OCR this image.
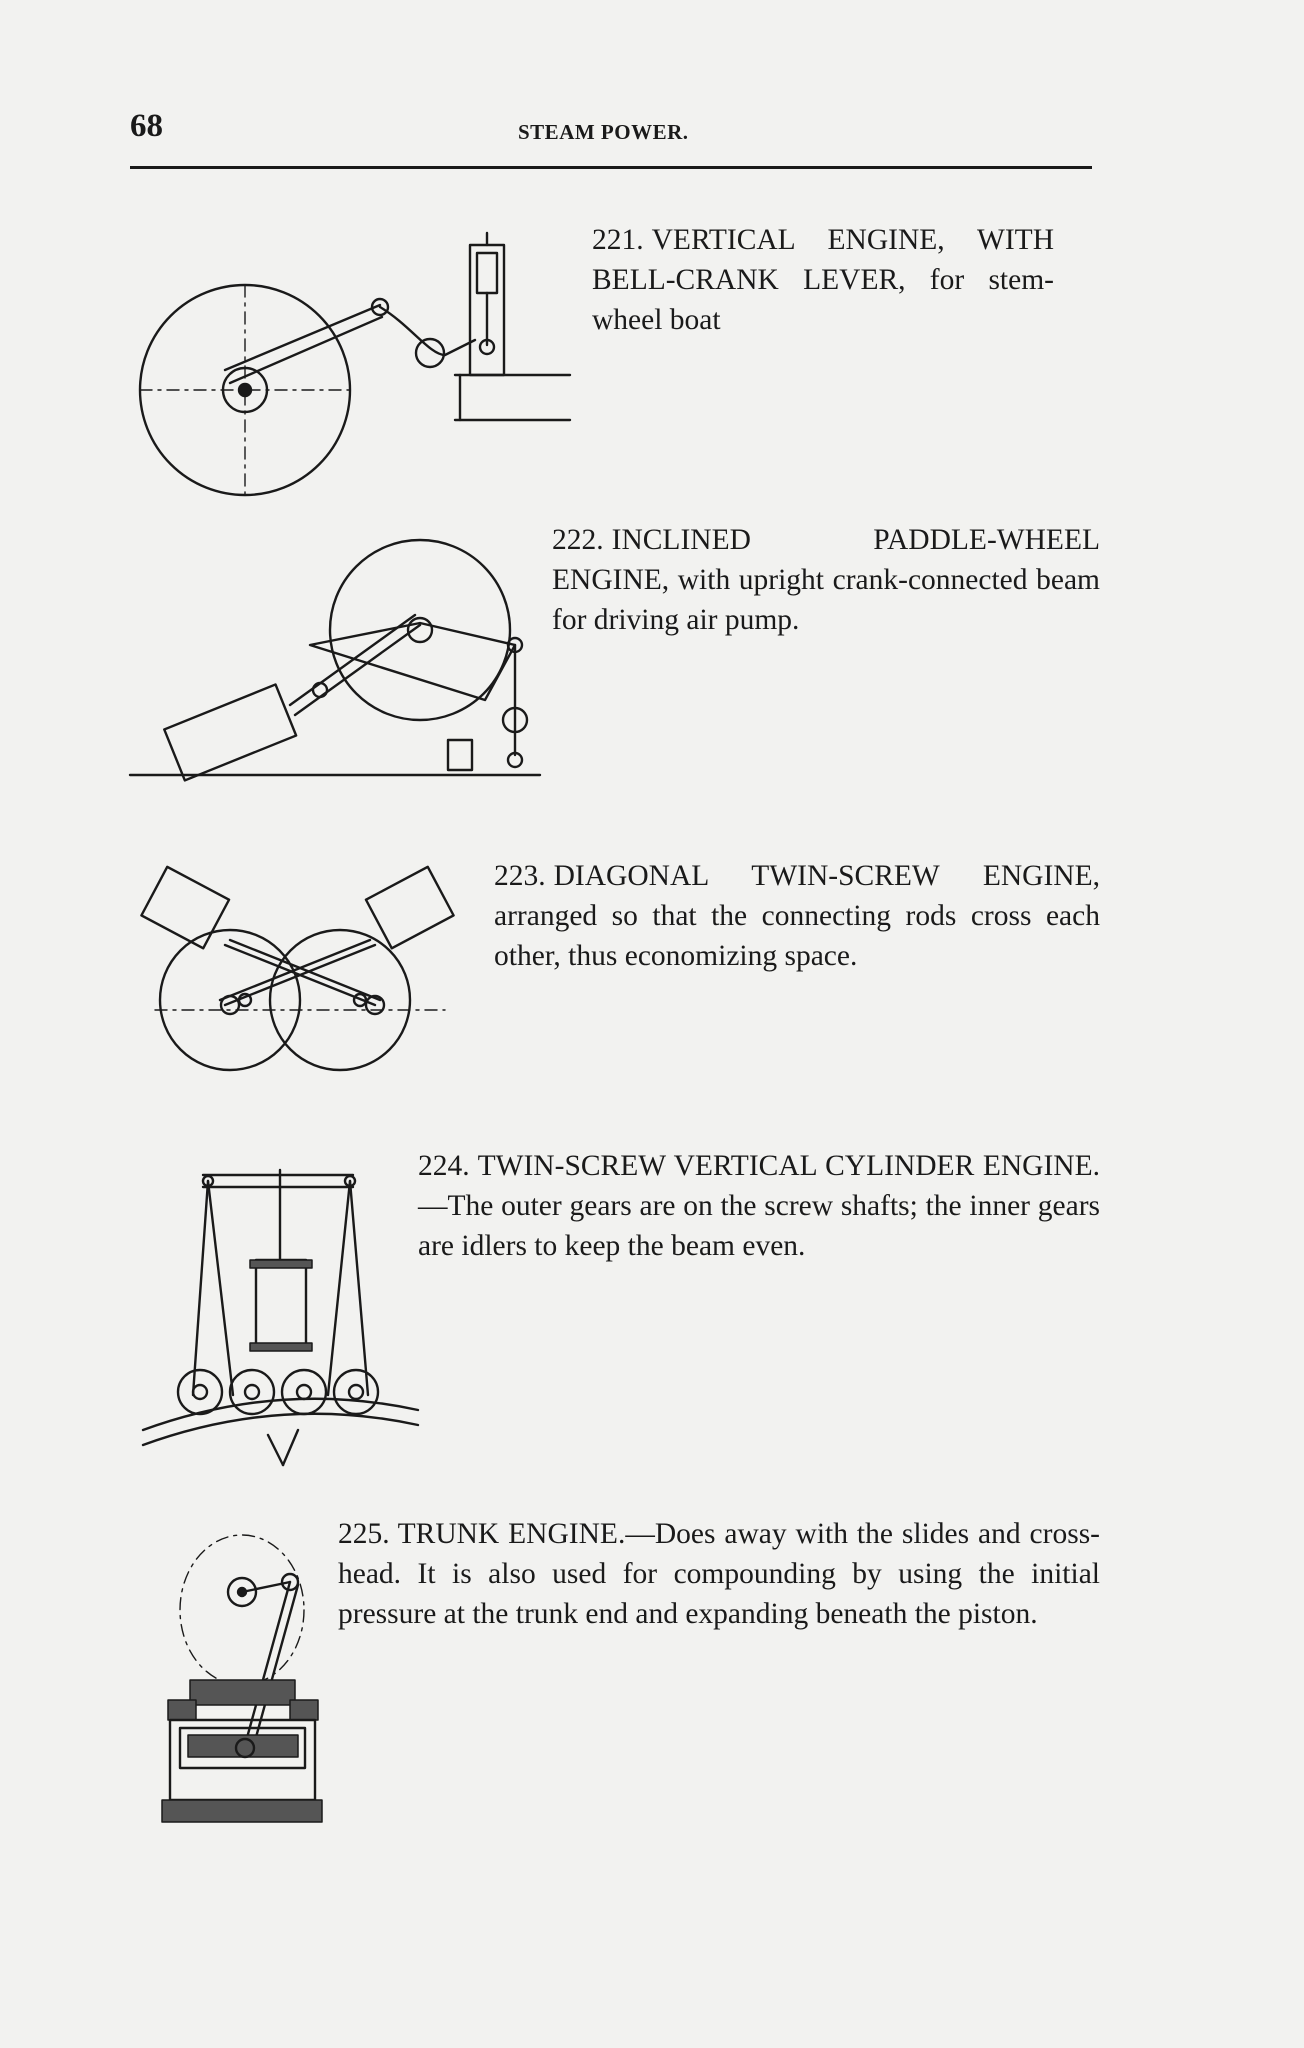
68	STEAM POWER.
221. VERTICAL ENGINE, WITH BELL-CRANK LEVER, for stem-wheel boat
222. INCLINED PADDLE-WHEEL ENGINE, with upright crank-connected beam for driving air pump.
223. DIAGONAL TWIN-SCREW ENGINE, arranged so that the connecting rods cross each other, thus economizing space.
224. TWIN-SCREW VERTICAL CYLINDER ENGINE.—The outer gears are on the screw shafts; the inner gears are idlers to keep the beam even.
225. TRUNK ENGINE.—Does away with the slides and cross-head. It is also used for compounding by using the initial pressure at the trunk end and expanding beneath the piston.
